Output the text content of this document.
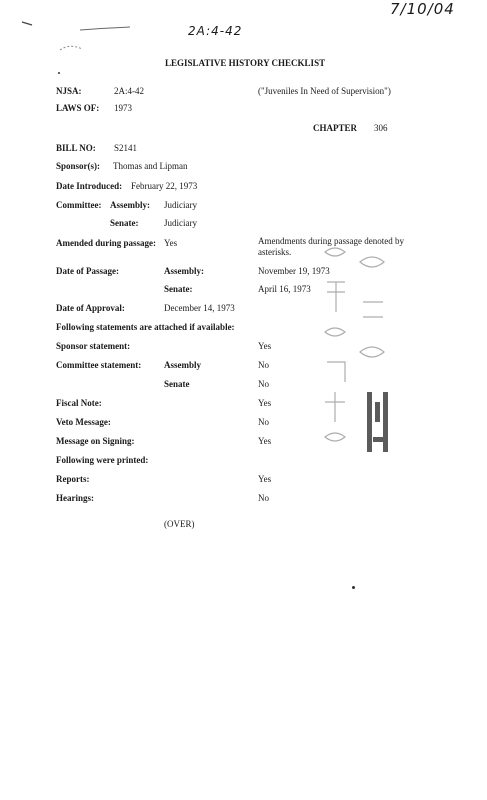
7/10/04
2A:4-42
LEGISLATIVE HISTORY CHECKLIST
NJSA:	2A:4-42	("Juveniles In Need of Supervision")
LAWS OF: 1973
CHAPTER 306
BILL NO: S2141
Sponsor(s): Thomas and Lipman
Date Introduced: February 22, 1973
Committee: Assembly: Judiciary
Senate:	Judiciary
Amended during passage: Yes	Amendments during passage denoted by asterisks.
Date of Passage:	Assembly:	November 19, 1973
Senate:	April 16, 1973
Date of Approval:	December 14, 1973
Following statements are attached if available:
Sponsor statement:	Yes
Committee statement:	Assembly	No
Senate	No
Fiscal Note:	Yes
Veto Message:	No
Message on Signing:	Yes
Following were printed:
Reports:	Yes
Hearings:	No
(OVER)
